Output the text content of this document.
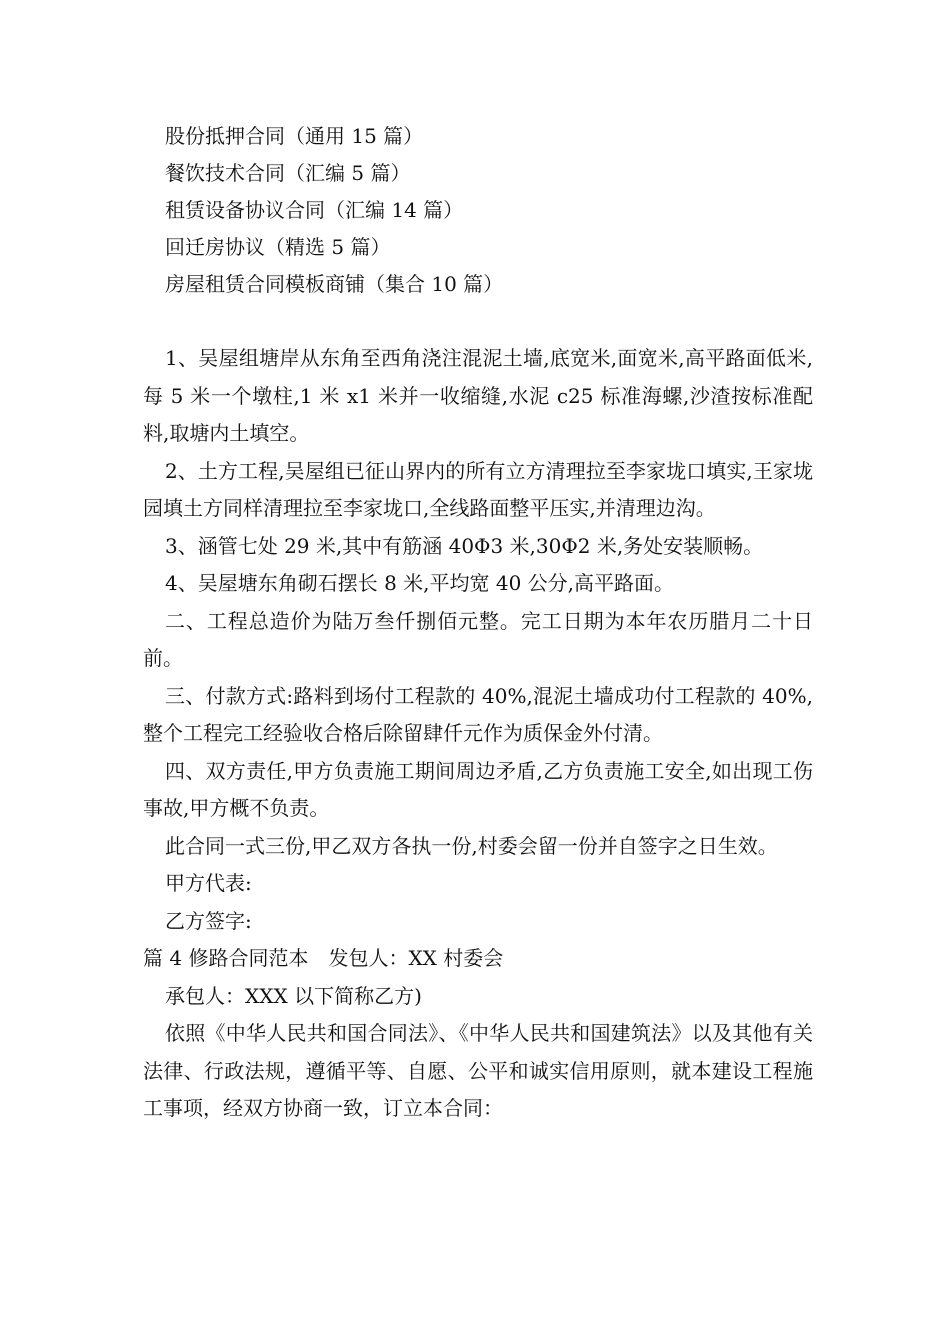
股份抵押合同（通用 15 篇）
餐饮技术合同（汇编 5 篇）
租赁设备协议合同（汇编 14 篇）
回迁房协议（精选 5 篇）
房屋租赁合同模板商铺（集合 10 篇）

1、吴屋组塘岸从东角至西角浇注混泥土墙,底宽米,面宽米,高平路面低米,每 5 米一个墩柱,1 米 x1 米并一收缩缝,水泥 c25 标准海螺,沙渣按标准配料,取塘内土填空。

2、土方工程,吴屋组已征山界内的所有立方清理拉至李家垅口填实,王家垅园填土方同样清理拉至李家垅口,全线路面整平压实,并清理边沟。

3、涵管七处 29 米,其中有筋涵 40Φ3 米,30Φ2 米,务处安装顺畅。

4、吴屋塘东角砌石摆长 8 米,平均宽 40 公分,高平路面。

二、工程总造价为陆万叁仟捌佰元整。完工日期为本年农历腊月二十日前。

三、付款方式:路料到场付工程款的 40%,混泥土墙成功付工程款的 40%,整个工程完工经验收合格后除留肆仟元作为质保金外付清。

四、双方责任,甲方负责施工期间周边矛盾,乙方负责施工安全,如出现工伤事故,甲方概不负责。

此合同一式三份,甲乙双方各执一份,村委会留一份并自签字之日生效。

甲方代表:

乙方签字:

篇 4 修路合同范本　发包人：XX 村委会

承包人：XXX 以下简称乙方)

依照《中华人民共和国合同法》、《中华人民共和国建筑法》以及其他有关法律、行政法规，遵循平等、自愿、公平和诚实信用原则，就本建设工程施工事项，经双方协商一致，订立本合同：
